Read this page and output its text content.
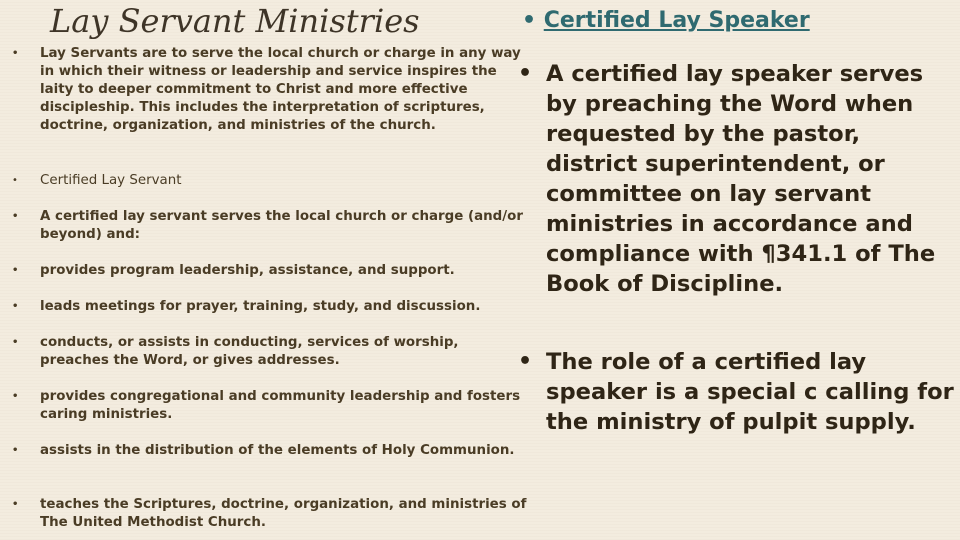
Lay Servant Ministries
• Lay Servants are to serve the local church or charge in any way in which their witness or leadership and service inspires the laity to deeper commitment to Christ and more effective discipleship. This includes the interpretation of scriptures, doctrine, organization, and ministries of the church.
• Certified Lay Servant
• A certified lay servant serves the local church or charge (and/or beyond) and:
• provides program leadership, assistance, and support.
• leads meetings for prayer, training, study, and discussion.
• conducts, or assists in conducting, services of worship, preaches the Word, or gives addresses.
• provides congregational and community leadership and fosters caring ministries.
• assists in the distribution of the elements of Holy Communion.
• teaches the Scriptures, doctrine, organization, and ministries of The United Methodist Church.
• Certified Lay Speaker
• A certified lay speaker serves by preaching the Word when requested by the pastor, district superintendent, or committee on lay servant ministries in accordance and compliance with ¶341.1 of The Book of Discipline.
• The role of a certified lay speaker is a special c calling for the ministry of pulpit supply.
